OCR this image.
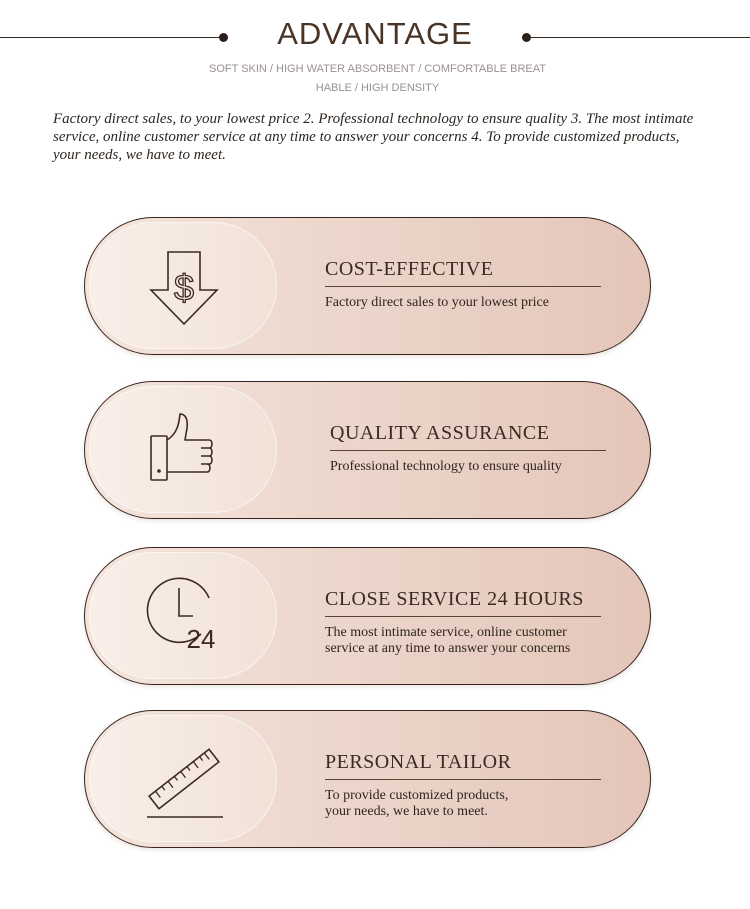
ADVANTAGE
SOFT SKIN / HIGH WATER ABSORBENT / COMFORTABLE BREAT
HABLE / HIGH DENSITY
Factory direct sales, to your lowest price 2. Professional technology to ensure quality 3. The most intimate service, online customer service at any time to answer your concerns 4. To provide customized products, your needs, we have to meet.
$	COST-EFFECTIVE
Factory direct sales to your lowest price
QUALITY ASSURANCE
Professional technology to ensure quality
24
CLOSE SERVICE 24 HOURS
The most intimate service, online customer
service at any time to answer your concerns
PERSONAL TAILOR
To provide customized products,
your needs, we have to meet.
